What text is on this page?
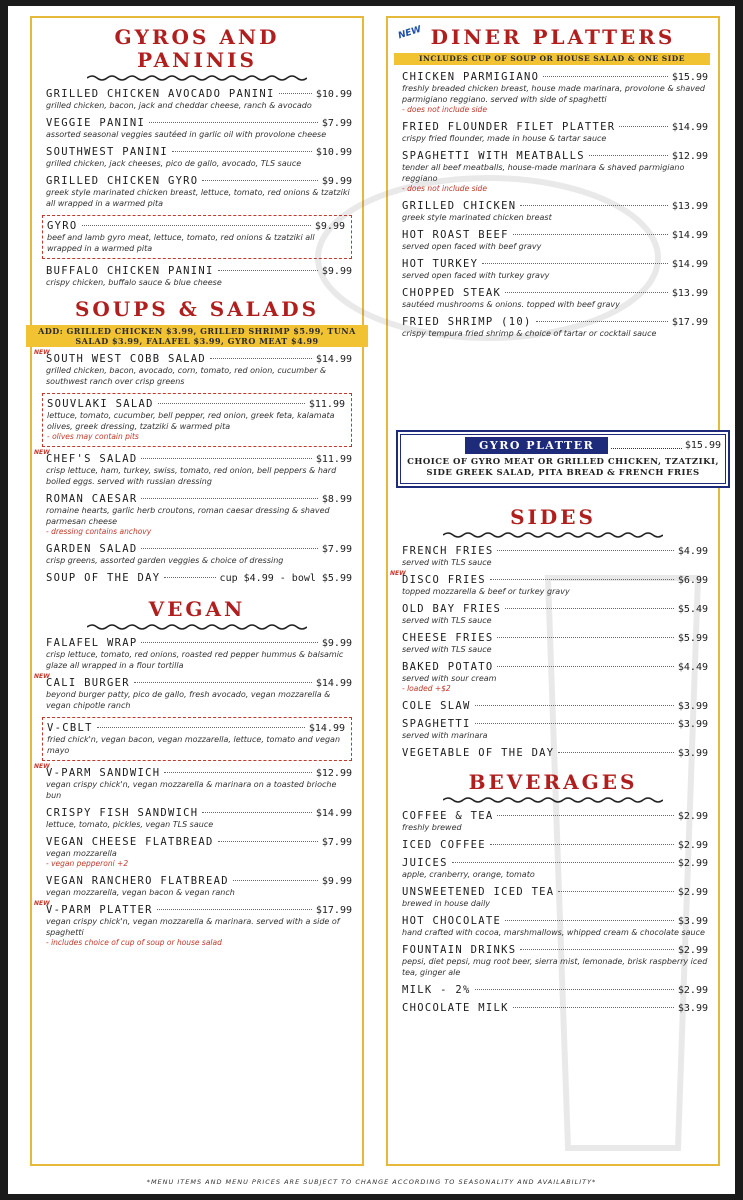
GYROS AND
PANINIS
GRILLED CHICKEN AVOCADO PANINI	$10.99
grilled chicken, bacon, jack and cheddar cheese, ranch & avocado
VEGGIE PANINI	$7.99
assorted seasonal veggies sautéed in garlic oil with provolone cheese
SOUTHWEST PANINI	$10.99
grilled chicken, jack cheeses, pico de gallo, avocado, TLS sauce
GRILLED CHICKEN GYRO	$9.99
greek style marinated chicken breast, lettuce, tomato, red onions & tzatziki all wrapped in a warmed pita
GYRO	$9.99
beef and lamb gyro meat, lettuce, tomato, red onions & tzatziki all wrapped in a warmed pita
BUFFALO CHICKEN PANINI	$9.99
crispy chicken, buffalo sauce & blue cheese
SOUPS & SALADS
ADD: GRILLED CHICKEN $3.99, GRILLED SHRIMP $5.99, TUNA SALAD $3.99, FALAFEL $3.99, GYRO MEAT $4.99
NEW
SOUTH WEST COBB SALAD	$14.99
grilled chicken, bacon, avocado, corn, tomato, red onion, cucumber & southwest ranch over crisp greens
SOUVLAKI SALAD	$11.99
lettuce, tomato, cucumber, bell pepper, red onion, greek feta, kalamata olives, greek dressing, tzatziki & warmed pita
- olives may contain pits
NEW
CHEF'S SALAD	$11.99
crisp lettuce, ham, turkey, swiss, tomato, red onion, bell peppers & hard boiled eggs. served with russian dressing
ROMAN CAESAR	$8.99
romaine hearts, garlic herb croutons, roman caesar dressing & shaved parmesan cheese
- dressing contains anchovy
GARDEN SALAD	$7.99
crisp greens, assorted garden veggies & choice of dressing
SOUP OF THE DAY	cup $4.99 - bowl $5.99
VEGAN
FALAFEL WRAP	$9.99
crisp lettuce, tomato, red onions, roasted red pepper hummus & balsamic glaze all wrapped in a flour tortilla
NEW
CALI BURGER	$14.99
beyond burger patty, pico de gallo, fresh avocado, vegan mozzarella & vegan chipotle ranch
V-CBLT	$14.99
fried chick'n, vegan bacon, vegan mozzarella, lettuce, tomato and vegan mayo
NEW
V-PARM SANDWICH	$12.99
vegan crispy chick'n, vegan mozzarella & marinara on a toasted brioche bun
CRISPY FISH SANDWICH	$14.99
lettuce, tomato, pickles, vegan TLS sauce
VEGAN CHEESE FLATBREAD	$7.99
vegan mozzarella
- vegan pepperoni +2
VEGAN RANCHERO FLATBREAD	$9.99
vegan mozzarella, vegan bacon & vegan ranch
NEW
V-PARM PLATTER	$17.99
vegan crispy chick'n, vegan mozzarella & marinara. served with a side of spaghetti
- includes choice of cup of soup or house salad
NEW DINER PLATTERS
INCLUDES CUP OF SOUP OR HOUSE SALAD & ONE SIDE
CHICKEN PARMIGIANO	$15.99
freshly breaded chicken breast, house made marinara, provolone & shaved parmigiano reggiano. served with side of spaghetti
- does not include side
FRIED FLOUNDER FILET PLATTER	$14.99
crispy fried flounder, made in house & tartar sauce
SPAGHETTI WITH MEATBALLS	$12.99
tender all beef meatballs, house-made marinara & shaved parmigiano reggiano
- does not include side
GRILLED CHICKEN	$13.99
greek style marinated chicken breast
HOT ROAST BEEF	$14.99
served open faced with beef gravy
HOT TURKEY	$14.99
served open faced with turkey gravy
CHOPPED STEAK	$13.99
sautéed mushrooms & onions. topped with beef gravy
FRIED SHRIMP (10)	$17.99
crispy tempura fried shrimp & choice of tartar or cocktail sauce
GYRO PLATTER	$15.99
CHOICE OF GYRO MEAT OR GRILLED CHICKEN, TZATZIKI, SIDE GREEK SALAD, PITA BREAD & FRENCH FRIES
SIDES
FRENCH FRIES	$4.99
served with TLS sauce
NEW
DISCO FRIES	$6.99
topped mozzarella & beef or turkey gravy
OLD BAY FRIES	$5.49
served with TLS sauce
CHEESE FRIES	$5.99
served with TLS sauce
BAKED POTATO	$4.49
served with sour cream
- loaded +$2
COLE SLAW	$3.99
SPAGHETTI	$3.99
served with marinara
VEGETABLE OF THE DAY	$3.99
BEVERAGES
COFFEE & TEA	$2.99
freshly brewed
ICED COFFEE	$2.99
JUICES	$2.99
apple, cranberry, orange, tomato
UNSWEETENED ICED TEA	$2.99
brewed in house daily
HOT CHOCOLATE	$3.99
hand crafted with cocoa, marshmallows, whipped cream & chocolate sauce
FOUNTAIN DRINKS	$2.99
pepsi, diet pepsi, mug root beer, sierra mist, lemonade, brisk raspberry iced tea, ginger ale
MILK - 2%	$2.99
CHOCOLATE MILK	$3.99
*MENU ITEMS AND MENU PRICES ARE SUBJECT TO CHANGE ACCORDING TO SEASONALITY AND AVAILABILITY*
